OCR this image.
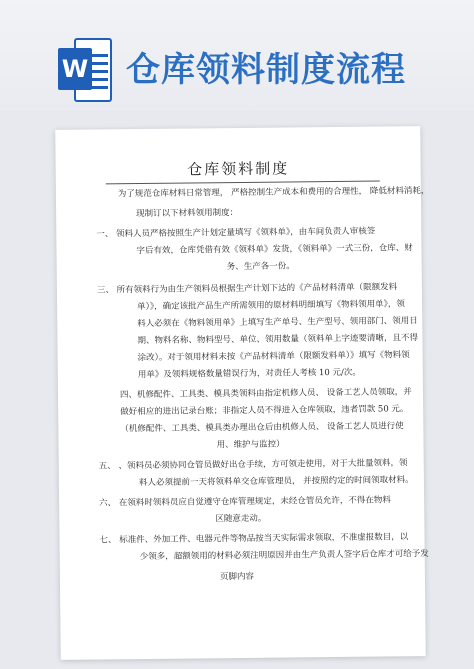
W 仓库领料制度流程
仓库领料制度
为了规范仓库材料日常管理， 严格控制生产成本和费用的合理性， 降低材料消耗，
现制订以下材料领用制度：
一、 领料人员严格按照生产计划定量填写《领料单》，由车间负责人审核签
字后有效，仓库凭借有效《领料单》发货，《领料单》一式三份，仓库、财
务、生产各一份。
三、 所有领料行为由生产领料员根据生产计划下达的《产品材料清单（限额发料
单）》，确定该批产品生产所需领用的原材料明细填写《物料领用单》，领
料人必须在《物料领用单》上填写生产单号、生产型号、领用部门、领用日
期、物料名称、物料型号、单位、领用数量（领料单上字迹要清晰，且不得
涂改）。对于领用材料未按《产品材料清单（限额发料单）》填写《物料领
用单》及领料规格数量错误行为，对责任人考核 10 元/次。
四、机修配件、工具类、模具类领料由指定机修人员、 设备工艺人员领取，并
做好相应的进出记录台账；非指定人员不得进入仓库领取，违者罚款 50 元。
（机修配件、工具类、模具类办理出仓后由机修人员、 设备工艺人员进行使
用、维护与监控）
五、 、领料员必须协同仓管员做好出仓手续，方可领走使用，对于大批量领料，领
料人必须提前一天将领料单交仓库管理员， 并按照约定的时间领取材料。
六、 在领料时领料员应自觉遵守仓库管理规定，未经仓管员允许，不得在物料
区随意走动。
七、 标准件、外加工件、电器元件等物品按当天实际需求领取，不准虚报数目，以
少领多，超额领用的材料必须注明原因并由生产负责人签字后仓库才可给予发
页脚内容
